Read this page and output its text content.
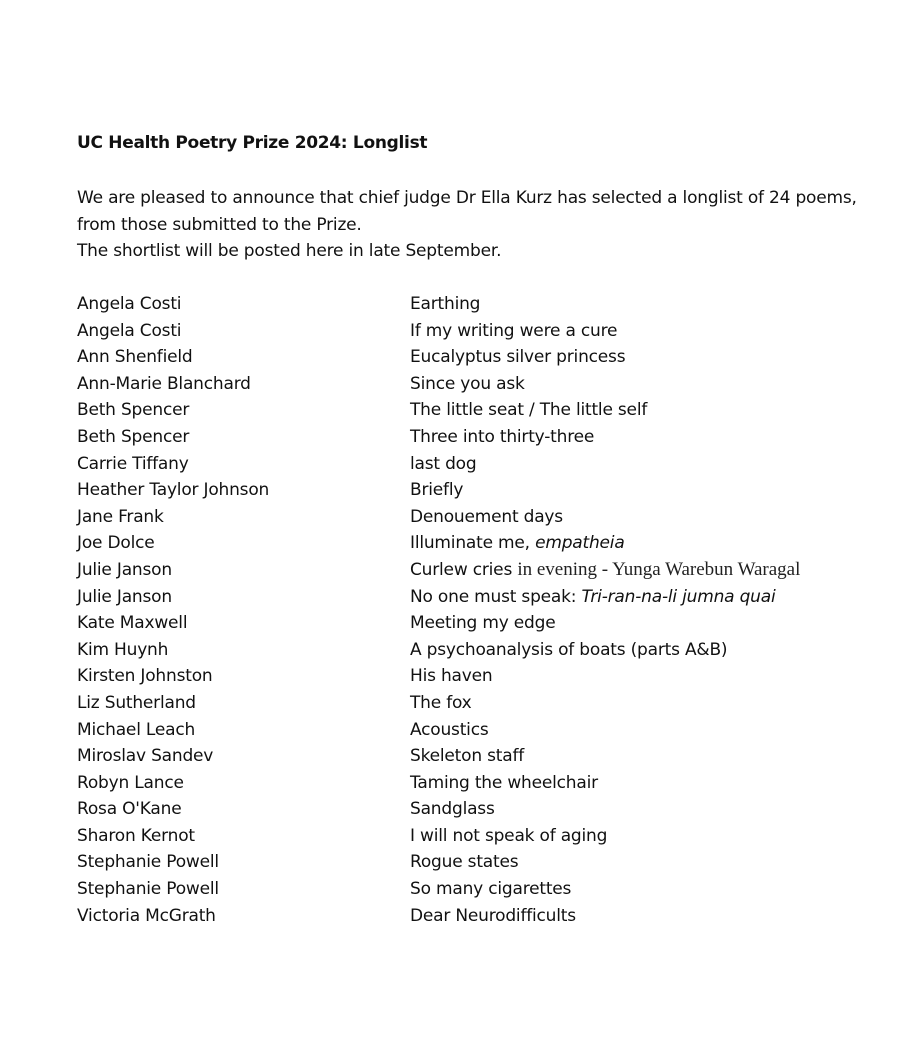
UC Health Poetry Prize 2024: Longlist

We are pleased to announce that chief judge Dr Ella Kurz has selected a longlist of 24 poems, from those submitted to the Prize.

The shortlist will be posted here in late September.

Angela Costi	Earthing
Angela Costi	If my writing were a cure
Ann Shenfield	Eucalyptus silver princess
Ann-Marie Blanchard	Since you ask
Beth Spencer	The little seat / The little self
Beth Spencer	Three into thirty-three
Carrie Tiffany	last dog
Heather Taylor Johnson	Briefly
Jane Frank	Denouement days
Joe Dolce	Illuminate me, empatheia
Julie Janson	Curlew cries in evening - Yunga Warebun Waragal
Julie Janson	No one must speak: Tri-ran-na-li jumna quai
Kate Maxwell	Meeting my edge
Kim Huynh	A psychoanalysis of boats (parts A&B)
Kirsten Johnston	His haven
Liz Sutherland	The fox
Michael Leach	Acoustics
Miroslav Sandev	Skeleton staff
Robyn Lance	Taming the wheelchair
Rosa O'Kane	Sandglass
Sharon Kernot	I will not speak of aging
Stephanie Powell	Rogue states
Stephanie Powell	So many cigarettes
Victoria McGrath	Dear Neurodifficults
